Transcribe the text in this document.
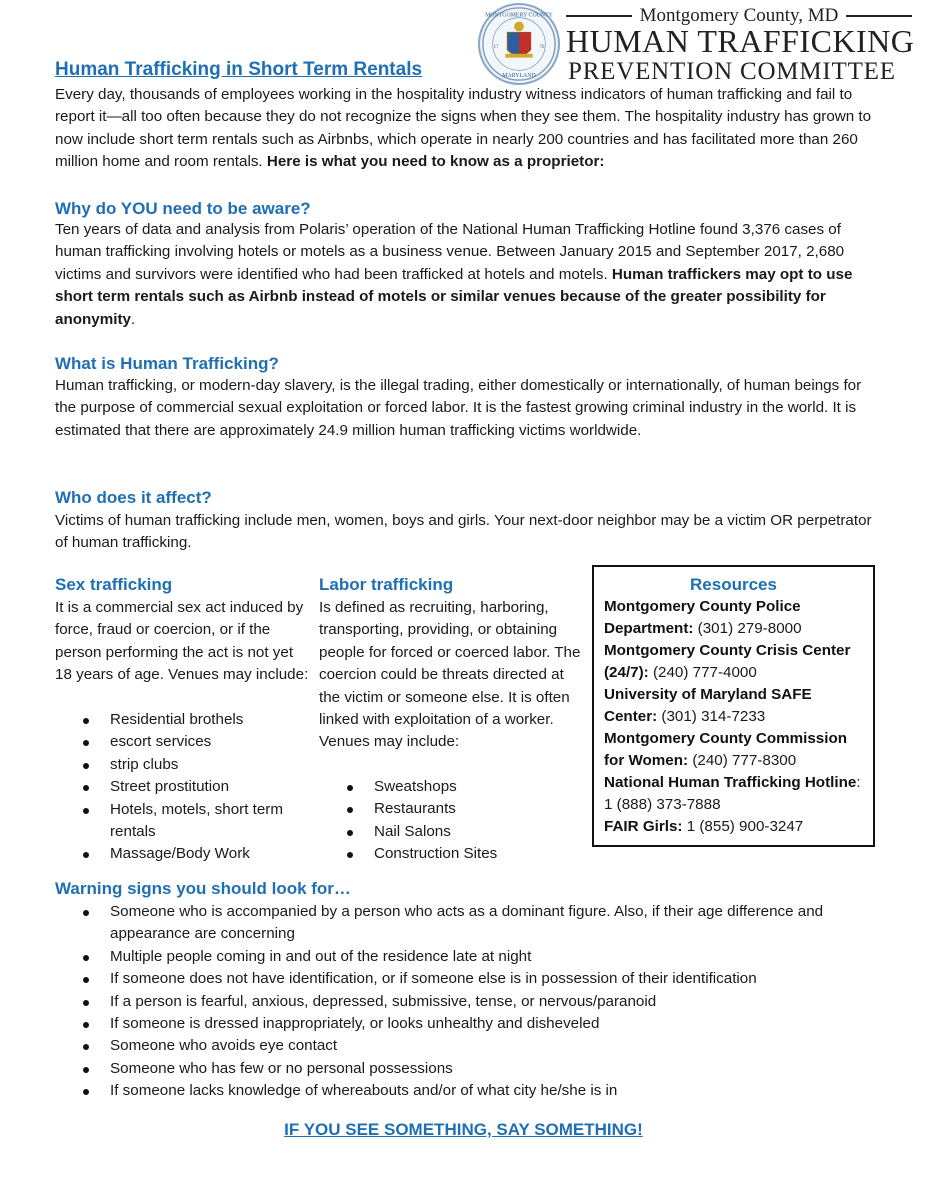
MONTGOMERY COUNTY
MARYLAND
17	76
Montgomery County, MD
HUMAN TRAFFICKING
PREVENTION COMMITTEE
Human Trafficking in Short Term Rentals
Every day, thousands of employees working in the hospitality industry witness indicators of human trafficking and fail to report it—all too often because they do not recognize the signs when they see them. The hospitality industry has grown to now include short term rentals such as Airbnbs, which operate in nearly 200 countries and has facilitated more than 260 million home and room rentals. Here is what you need to know as a proprietor:
Why do YOU need to be aware?
Ten years of data and analysis from Polaris’ operation of the National Human Trafficking Hotline found 3,376 cases of human trafficking involving hotels or motels as a business venue. Between January 2015 and September 2017, 2,680 victims and survivors were identified who had been trafficked at hotels and motels. Human traffickers may opt to use short term rentals such as Airbnb instead of motels or similar venues because of the greater possibility for anonymity.
What is Human Trafficking?
Human trafficking, or modern-day slavery, is the illegal trading, either domestically or internationally, of human beings for the purpose of commercial sexual exploitation or forced labor. It is the fastest growing criminal industry in the world. It is estimated that there are approximately 24.9 million human trafficking victims worldwide.
Who does it affect?
Victims of human trafficking include men, women, boys and girls. Your next-door neighbor may be a victim OR perpetrator of human trafficking.
Sex trafficking
It is a commercial sex act induced by force, fraud or coercion, or if the person performing the act is not yet 18 years of age. Venues may include:
Residential brothels
escort services
strip clubs
Street prostitution
Hotels, motels, short term rentals
Massage/Body Work
Labor trafficking
Is defined as recruiting, harboring, transporting, providing, or obtaining people for forced or coerced labor. The coercion could be threats directed at the victim or someone else. It is often linked with exploitation of a worker. Venues may include:
Sweatshops
Restaurants
Nail Salons
Construction Sites
Resources
Montgomery County Police Department: (301) 279-8000
Montgomery County Crisis Center (24/7): (240) 777-4000
University of Maryland SAFE Center: (301) 314-7233
Montgomery County Commission for Women: (240) 777-8300
National Human Trafficking Hotline: 1 (888) 373-7888
FAIR Girls: 1 (855) 900-3247
Warning signs you should look for…
Someone who is accompanied by a person who acts as a dominant figure. Also, if their age difference and appearance are concerning
Multiple people coming in and out of the residence late at night
If someone does not have identification, or if someone else is in possession of their identification
If a person is fearful, anxious, depressed, submissive, tense, or nervous/paranoid
If someone is dressed inappropriately, or looks unhealthy and disheveled
Someone who avoids eye contact
Someone who has few or no personal possessions
If someone lacks knowledge of whereabouts and/or of what city he/she is in
IF YOU SEE SOMETHING, SAY SOMETHING!
